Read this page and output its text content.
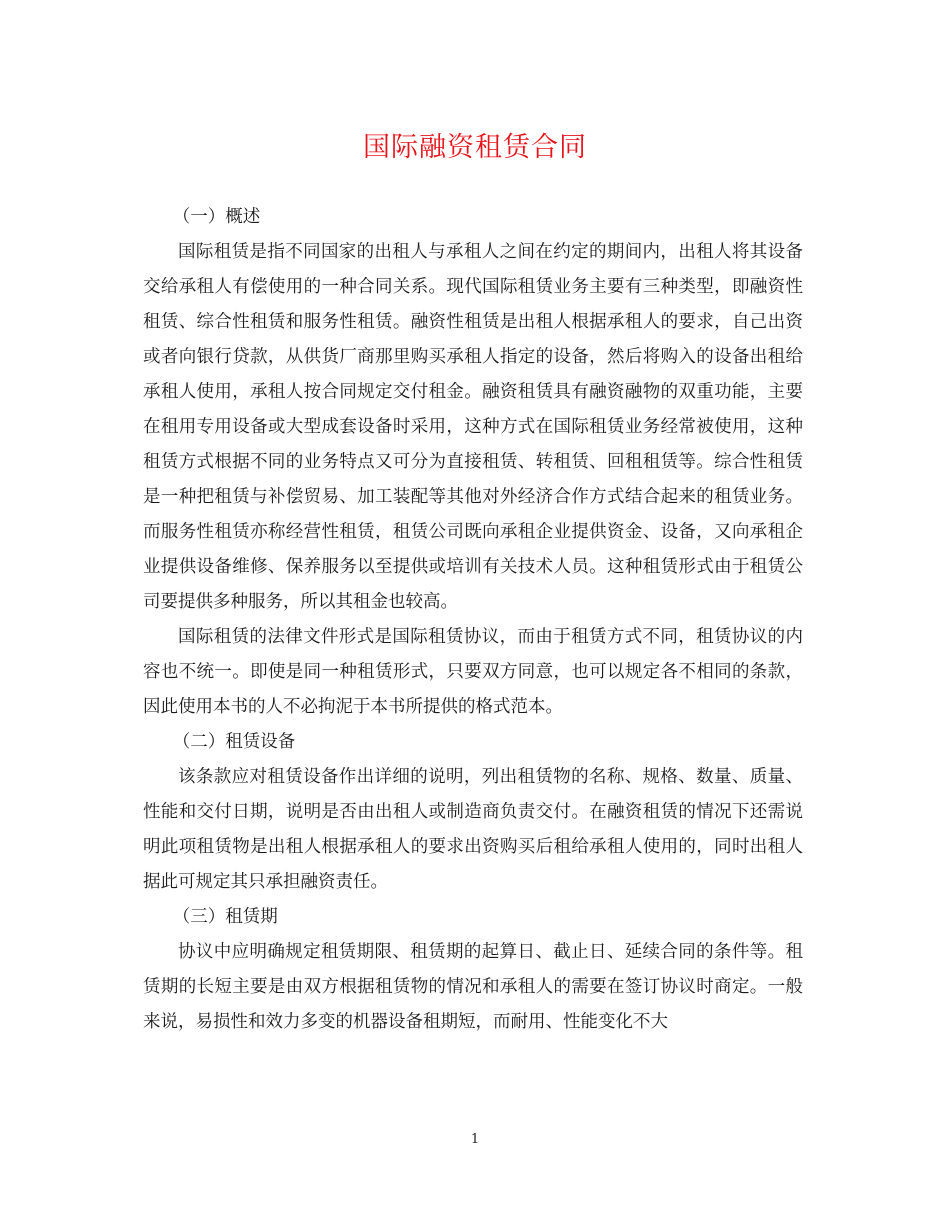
国际融资租赁合同

（一）概述

国际租赁是指不同国家的出租人与承租人之间在约定的期间内，出租人将其设备交给承租人有偿使用的一种合同关系。现代国际租赁业务主要有三种类型，即融资性租赁、综合性租赁和服务性租赁。融资性租赁是出租人根据承租人的要求，自己出资或者向银行贷款，从供货厂商那里购买承租人指定的设备，然后将购入的设备出租给承租人使用，承租人按合同规定交付租金。融资租赁具有融资融物的双重功能，主要在租用专用设备或大型成套设备时采用，这种方式在国际租赁业务经常被使用，这种租赁方式根据不同的业务特点又可分为直接租赁、转租赁、回租租赁等。综合性租赁是一种把租赁与补偿贸易、加工装配等其他对外经济合作方式结合起来的租赁业务。而服务性租赁亦称经营性租赁，租赁公司既向承租企业提供资金、设备，又向承租企业提供设备维修、保养服务以至提供或培训有关技术人员。这种租赁形式由于租赁公司要提供多种服务，所以其租金也较高。

国际租赁的法律文件形式是国际租赁协议，而由于租赁方式不同，租赁协议的内容也不统一。即使是同一种租赁形式，只要双方同意，也可以规定各不相同的条款，因此使用本书的人不必拘泥于本书所提供的格式范本。

（二）租赁设备

该条款应对租赁设备作出详细的说明，列出租赁物的名称、规格、数量、质量、性能和交付日期，说明是否由出租人或制造商负责交付。在融资租赁的情况下还需说明此项租赁物是出租人根据承租人的要求出资购买后租给承租人使用的，同时出租人据此可规定其只承担融资责任。

（三）租赁期

协议中应明确规定租赁期限、租赁期的起算日、截止日、延续合同的条件等。租赁期的长短主要是由双方根据租赁物的情况和承租人的需要在签订协议时商定。一般来说，易损性和效力多变的机器设备租期短，而耐用、性能变化不大

1
